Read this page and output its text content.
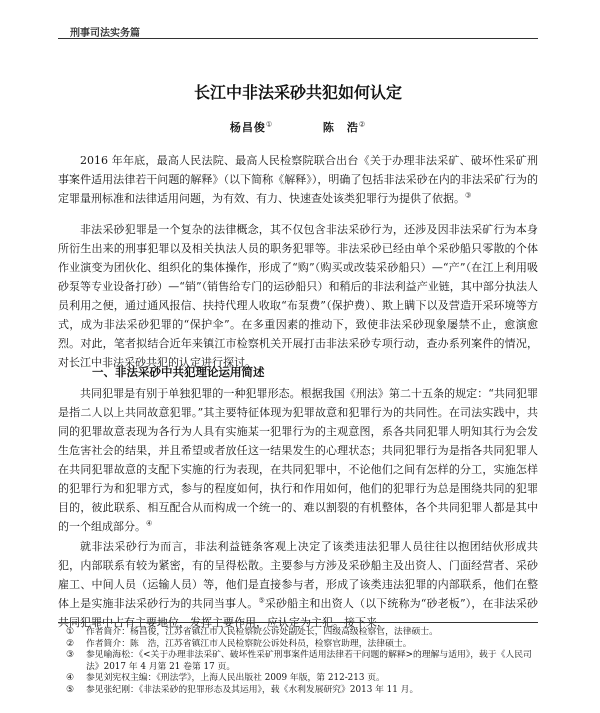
刑事司法实务篇
长江中非法采砂共犯如何认定
杨昌俊①	陈　浩②

2016 年年底，最高人民法院、最高人民检察院联合出台《关于办理非法采矿、破坏性采矿刑事案件适用法律若干问题的解释》（以下简称《解释》），明确了包括非法采砂在内的非法采矿行为的定罪量刑标准和法律适用问题，为有效、有力、快速查处该类犯罪行为提供了依据。③

非法采砂犯罪是一个复杂的法律概念，其不仅包含非法采砂行为，还涉及因非法采矿行为本身所衍生出来的刑事犯罪以及相关执法人员的职务犯罪等。非法采砂已经由单个采砂船只零散的个体作业演变为团伙化、组织化的集体操作，形成了“购”（购买或改装采砂船只）—“产”（在江上利用吸砂泵等专业设备打砂）—“销”（销售给专门的运砂船只）和稍后的非法利益产业链，其中部分执法人员利用之便，通过通风报信、扶持代理人收取“布泵费”（保护费）、欺上瞒下以及营造开采环境等方式，成为非法采砂犯罪的“保护伞”。在多重因素的推动下，致使非法采砂现象屡禁不止，愈演愈烈。对此，笔者拟结合近年来镇江市检察机关开展打击非法采砂专项行动，查办系列案件的情况，对长江中非法采砂共犯的认定进行探讨。

一、非法采砂中共犯理论运用简述

共同犯罪是有别于单独犯罪的一种犯罪形态。根据我国《刑法》第二十五条的规定：“共同犯罪是指二人以上共同故意犯罪。”其主要特征体现为犯罪故意和犯罪行为的共同性。在司法实践中，共同的犯罪故意表现为各行为人具有实施某一犯罪行为的主观意图，系各共同犯罪人明知其行为会发生危害社会的结果，并且希望或者放任这一结果发生的心理状态；共同犯罪行为是指各共同犯罪人在共同犯罪故意的支配下实施的行为表现，在共同犯罪中，不论他们之间有怎样的分工，实施怎样的犯罪行为和犯罪方式，参与的程度如何，执行和作用如何，他们的犯罪行为总是围绕共同的犯罪目的，彼此联系、相互配合从而构成一个统一的、难以割裂的有机整体，各个共同犯罪人都是其中的一个组成部分。④

就非法采砂行为而言，非法利益链条客观上决定了该类违法犯罪人员往往以抱团结伙形成共犯，内部联系有较为紧密，有的呈得松散。主要参与方涉及采砂船主及出资人、门面经营者、采砂雇工、中间人员（运输人员）等，他们是直接参与者，形成了该类违法犯罪的内部联系，他们在整体上是实施非法采砂行为的共同当事人。⑤采砂船主和出资人（以下统称为“砂老板”），在非法采砂共同犯罪中占有主要地位，发挥主要作用，应认定为主犯。接下来，

① 作者简介：杨昌俊，江苏省镇江市人民检察院公诉处副处长，四级高级检察官，法律硕士。

② 作者简介：陈　浩，江苏省镇江市人民检察院公诉处科员，检察官助理，法律硕士。

③ 参见喻海松：《<关于办理非法采矿、破坏性采矿刑事案件适用法律若干问题的解释>的理解与适用》，载于《人民司法》2017 年 4 月第 21 卷第 17 页。

④ 参见刘宪权主编：《刑法学》，上海人民出版社 2009 年版，第 212-213 页。

⑤ 参见张纪刚：《非法采砂的犯罪形态及其运用》，载《水利发展研究》2013 年 11 月。
